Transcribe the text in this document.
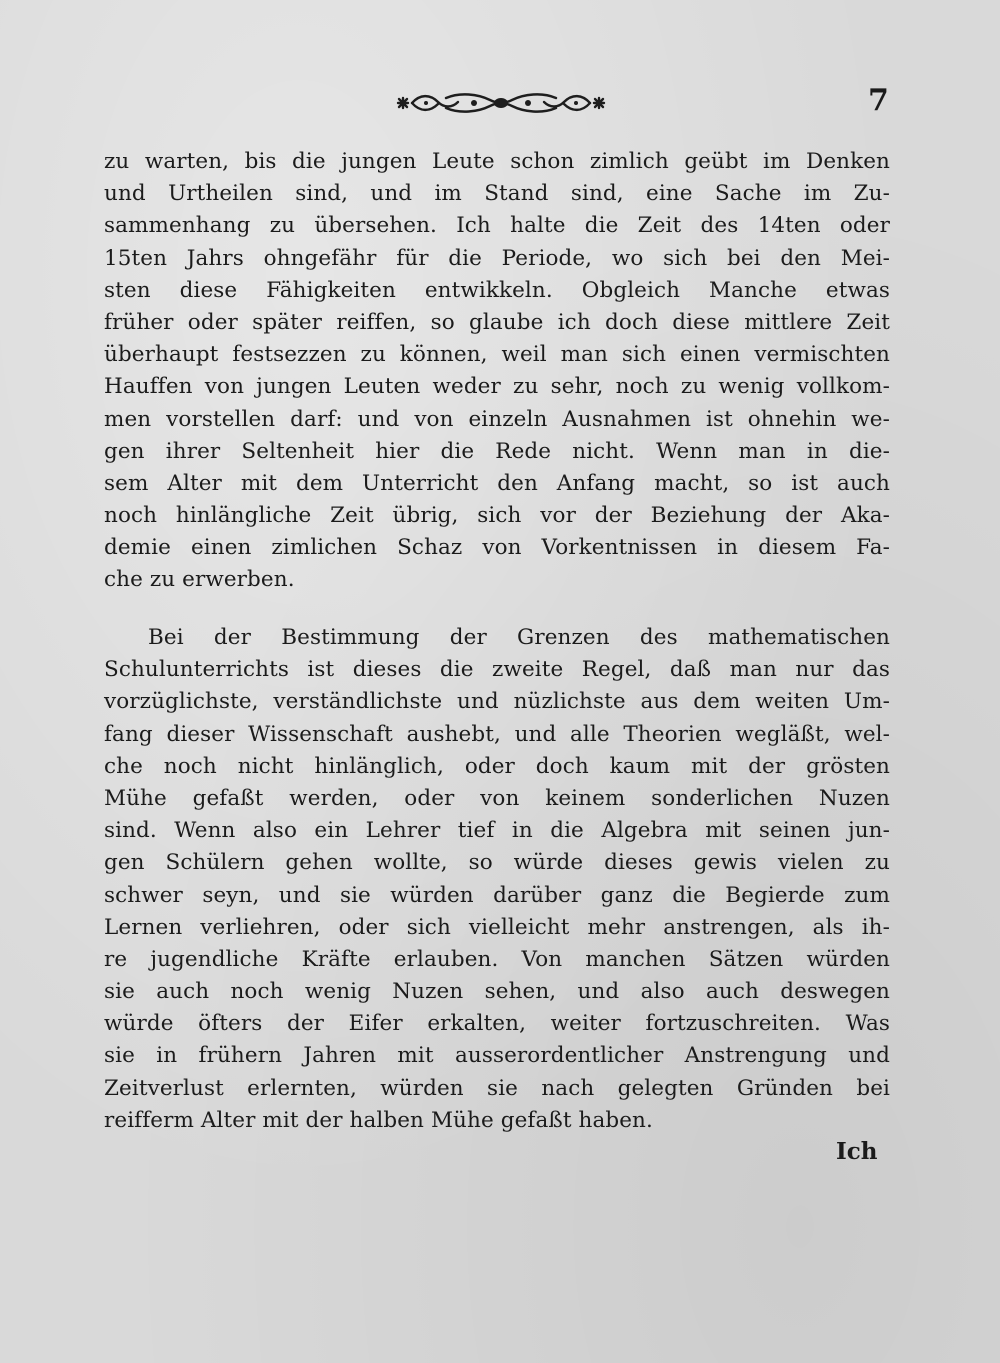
7
zu warten, bis die jungen Leute schon zimlich geübt im Denken
und Urtheilen sind, und im Stand sind, eine Sache im Zu-
sammenhang zu übersehen. Ich halte die Zeit des 14ten oder
15ten Jahrs ohngefähr für die Periode, wo sich bei den Mei-
sten diese Fähigkeiten entwikkeln. Obgleich Manche etwas
früher oder später reiffen, so glaube ich doch diese mittlere Zeit
überhaupt festsezzen zu können, weil man sich einen vermischten
Hauffen von jungen Leuten weder zu sehr, noch zu wenig vollkom-
men vorstellen darf: und von einzeln Ausnahmen ist ohnehin we-
gen ihrer Seltenheit hier die Rede nicht. Wenn man in die-
sem Alter mit dem Unterricht den Anfang macht, so ist auch
noch hinlängliche Zeit übrig, sich vor der Beziehung der Aka-
demie einen zimlichen Schaz von Vorkentnissen in diesem Fa-
che zu erwerben.
Bei der Bestimmung der Grenzen des mathematischen
Schulunterrichts ist dieses die zweite Regel, daß man nur das
vorzüglichste, verständlichste und nüzlichste aus dem weiten Um-
fang dieser Wissenschaft aushebt, und alle Theorien wegläßt, wel-
che noch nicht hinlänglich, oder doch kaum mit der grösten
Mühe gefaßt werden, oder von keinem sonderlichen Nuzen
sind. Wenn also ein Lehrer tief in die Algebra mit seinen jun-
gen Schülern gehen wollte, so würde dieses gewis vielen zu
schwer seyn, und sie würden darüber ganz die Begierde zum
Lernen verliehren, oder sich vielleicht mehr anstrengen, als ih-
re jugendliche Kräfte erlauben. Von manchen Sätzen würden
sie auch noch wenig Nuzen sehen, und also auch deswegen
würde öfters der Eifer erkalten, weiter fortzuschreiten. Was
sie in frühern Jahren mit ausserordentlicher Anstrengung und
Zeitverlust erlernten, würden sie nach gelegten Gründen bei
reifferm Alter mit der halben Mühe gefaßt haben.
Ich
